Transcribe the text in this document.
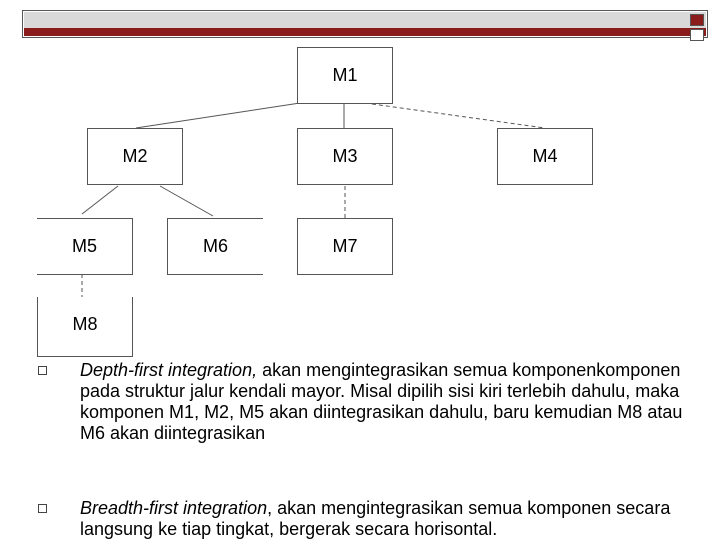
M1
M2	M3	M4
M5	M6	M7
M8
Depth-first integration, akan mengintegrasikan semua komponenkomponen pada struktur jalur kendali mayor. Misal dipilih sisi kiri terlebih dahulu, maka komponen M1, M2, M5 akan diintegrasikan dahulu, baru kemudian M8 atau M6 akan diintegrasikan
Breadth-first integration, akan mengintegrasikan semua komponen secara langsung ke tiap tingkat, bergerak secara horisontal.
